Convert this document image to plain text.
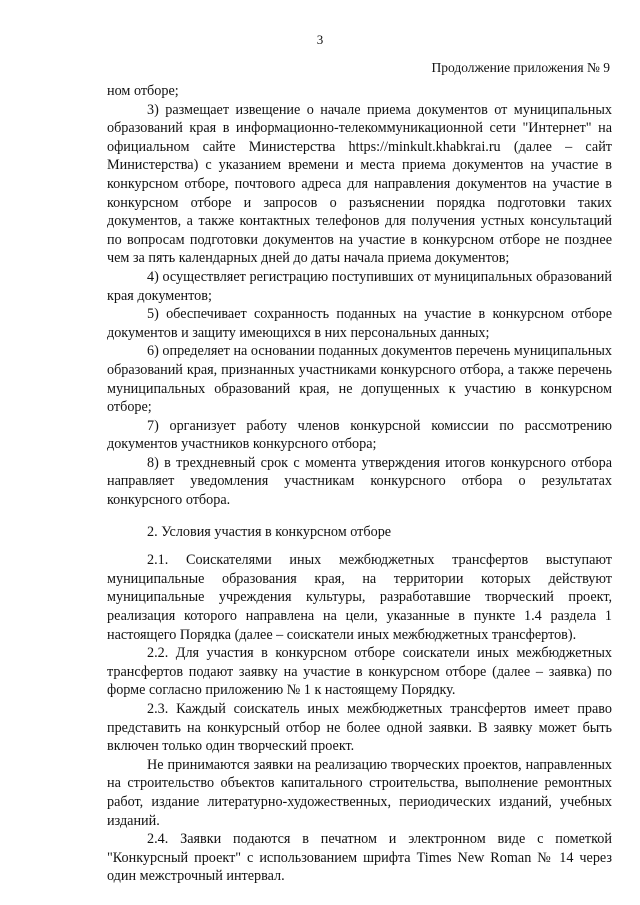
3
Продолжение приложения № 9

ном отборе;

3) размещает извещение о начале приема документов от муниципальных образований края в информационно-телекоммуникационной сети "Интернет" на официальном сайте Министерства https://minkult.khabkrai.ru (далее – сайт Министерства) с указанием времени и места приема документов на участие в конкурсном отборе, почтового адреса для направления документов на участие в конкурсном отборе и запросов о разъяснении порядка подготовки таких документов, а также контактных телефонов для получения устных консультаций по вопросам подготовки документов на участие в конкурсном отборе не позднее чем за пять календарных дней до даты начала приема документов;

4) осуществляет регистрацию поступивших от муниципальных образований края документов;

5) обеспечивает сохранность поданных на участие в конкурсном отборе документов и защиту имеющихся в них персональных данных;

6) определяет на основании поданных документов перечень муниципальных образований края, признанных участниками конкурсного отбора, а также перечень муниципальных образований края, не допущенных к участию в конкурсном отборе;

7) организует работу членов конкурсной комиссии по рассмотрению документов участников конкурсного отбора;

8) в трехдневный срок с момента утверждения итогов конкурсного отбора направляет уведомления участникам конкурсного отбора о результатах конкурсного отбора.

2. Условия участия в конкурсном отборе

2.1. Соискателями иных межбюджетных трансфертов выступают муниципальные образования края, на территории которых действуют муниципальные учреждения культуры, разработавшие творческий проект, реализация которого направлена на цели, указанные в пункте 1.4 раздела 1 настоящего Порядка (далее – соискатели иных межбюджетных трансфертов).

2.2. Для участия в конкурсном отборе соискатели иных межбюджетных трансфертов подают заявку на участие в конкурсном отборе (далее – заявка) по форме согласно приложению № 1 к настоящему Порядку.

2.3. Каждый соискатель иных межбюджетных трансфертов имеет право представить на конкурсный отбор не более одной заявки. В заявку может быть включен только один творческий проект.

Не принимаются заявки на реализацию творческих проектов, направленных на строительство объектов капитального строительства, выполнение ремонтных работ, издание литературно-художественных, периодических изданий, учебных изданий.

2.4. Заявки подаются в печатном и электронном виде с пометкой "Конкурсный проект" с использованием шрифта Times New Roman № 14 через один межстрочный интервал.
